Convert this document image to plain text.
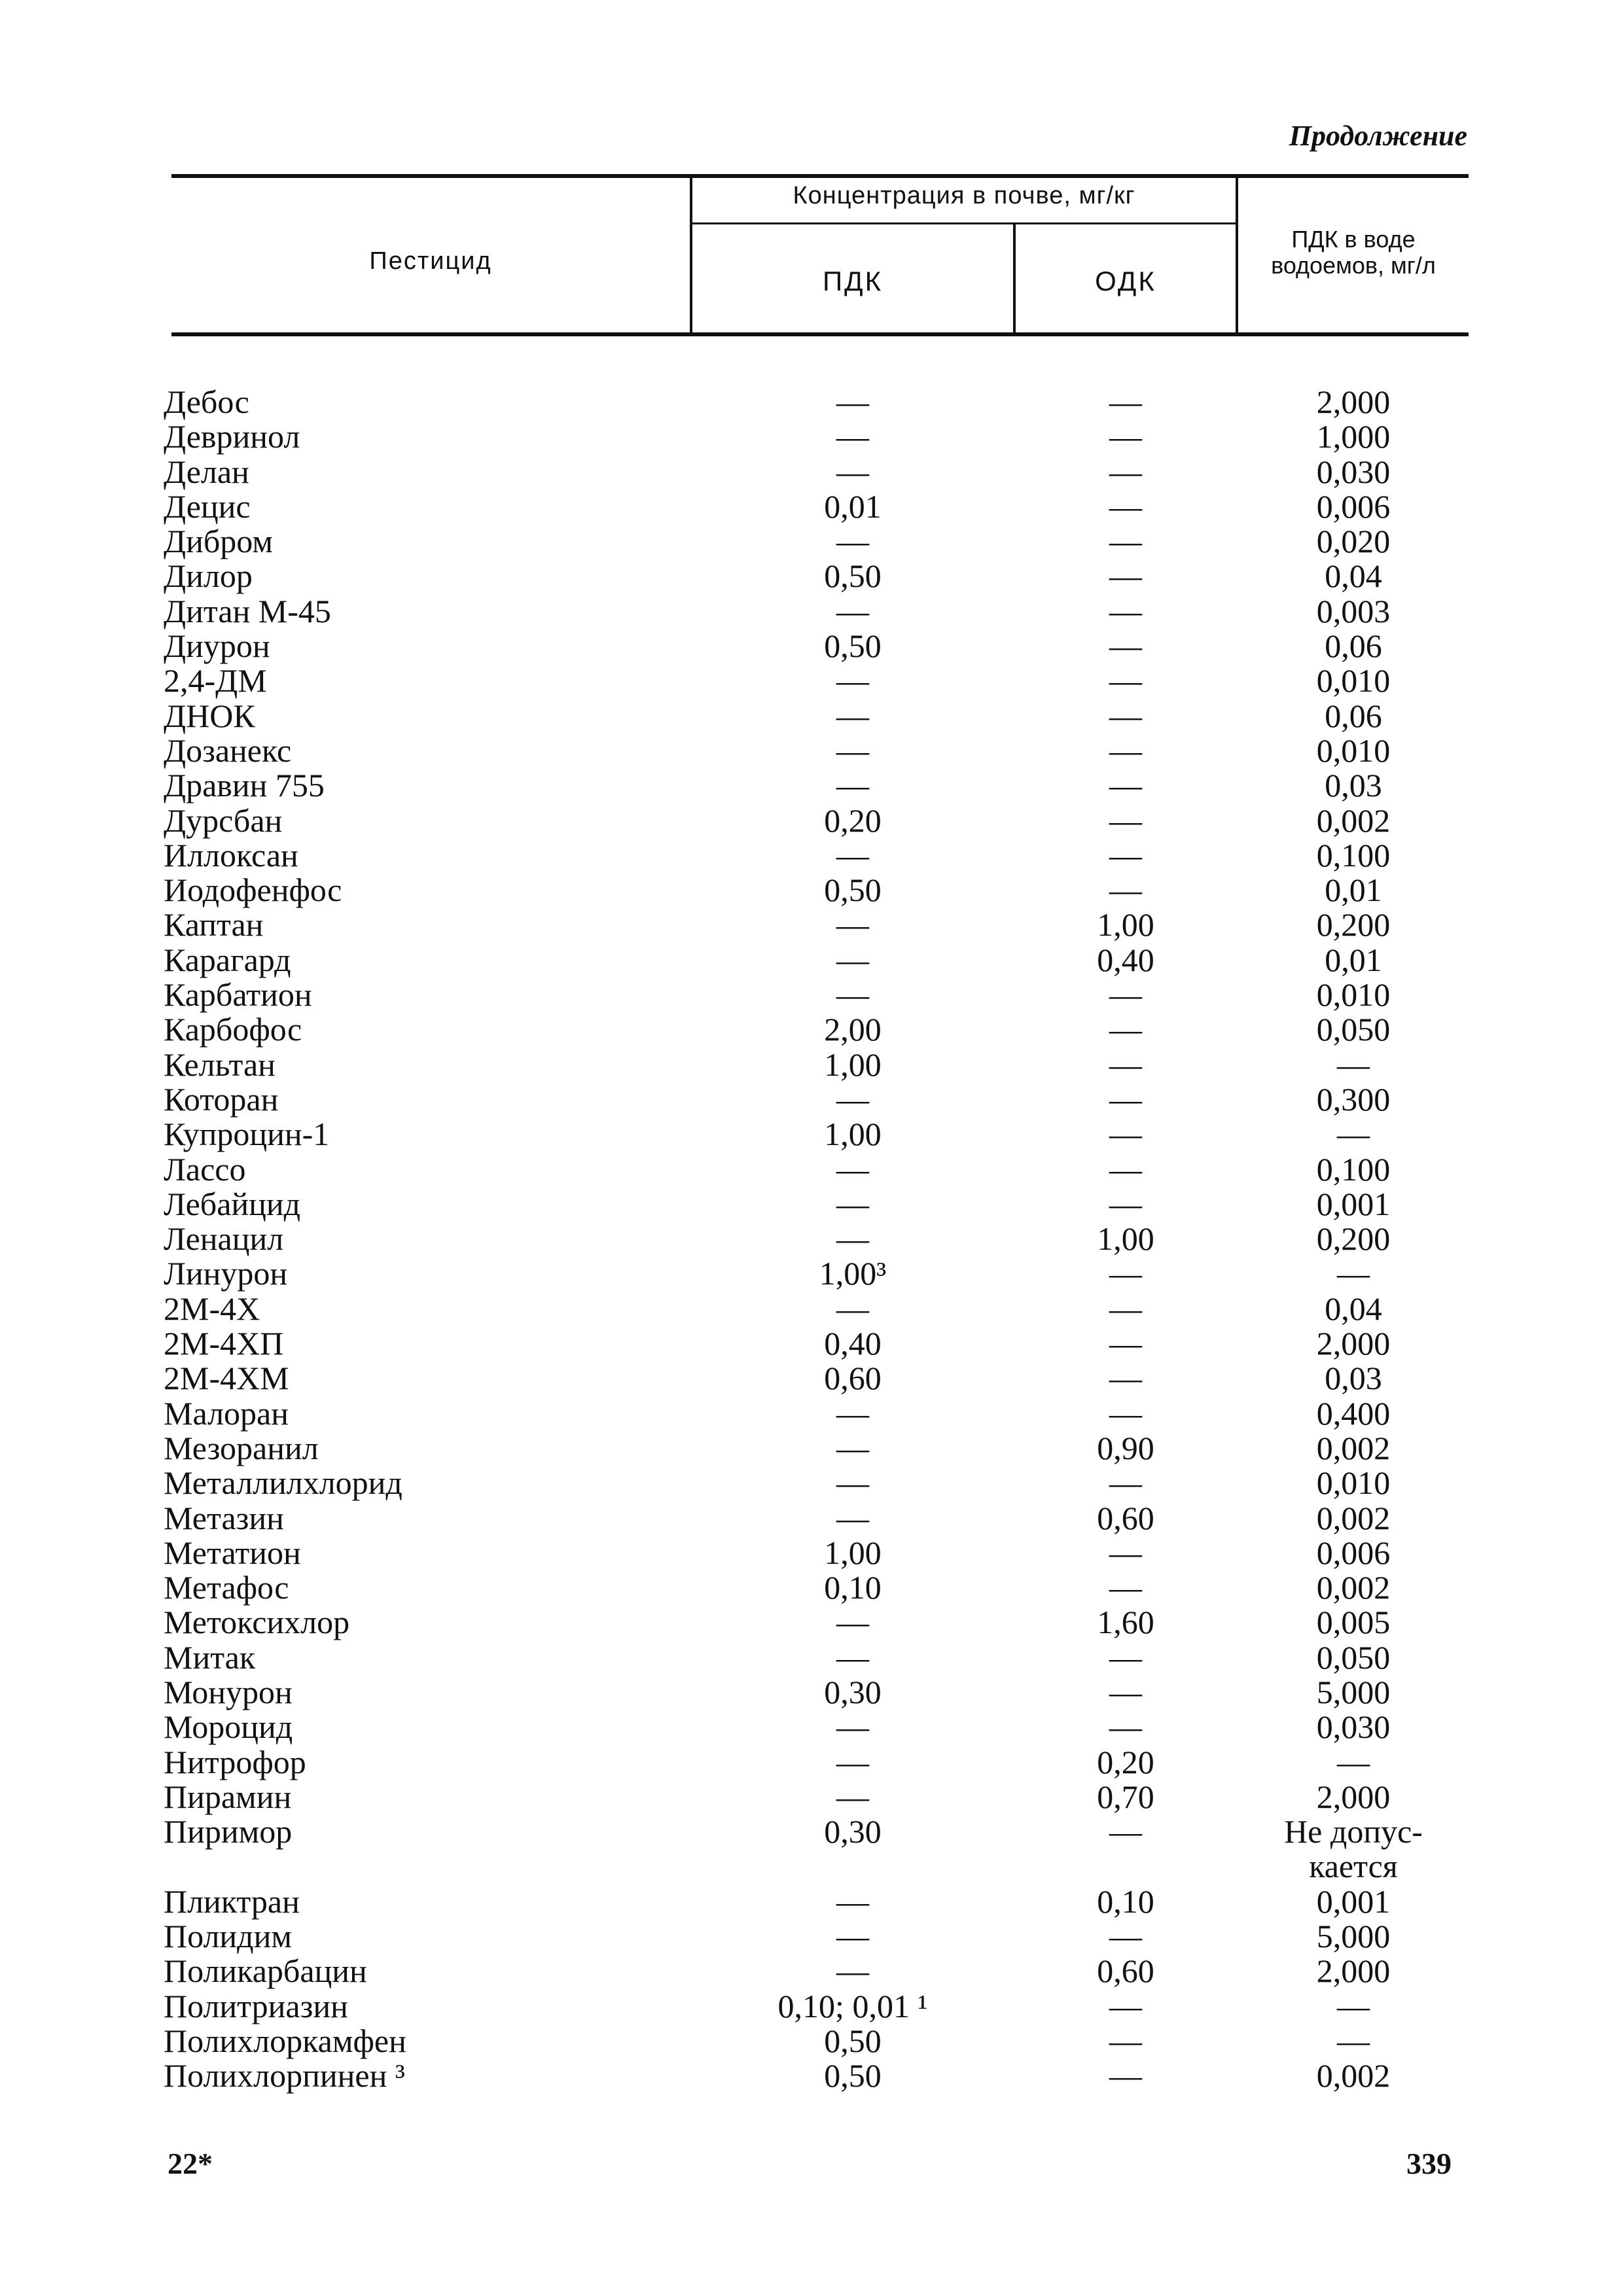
Продолжение
Пестицид
Концентрация в почве, мг/кг
ПДК	ОДК
ПДК в воде водоемов, мг/л
Дебос	—	—	2,000
Девринол	—	—	1,000
Делан	—	—	0,030
Децис	0,01	—	0,006
Дибром	—	—	0,020
Дилор	0,50	—	0,04
Дитан М-45	—	—	0,003
Диурон	0,50	—	0,06
2,4-ДМ	—	—	0,010
ДНОК	—	—	0,06
Дозанекс	—	—	0,010
Дравин 755	—	—	0,03
Дурсбан	0,20	—	0,002
Иллоксан	—	—	0,100
Иодофенфос	0,50	—	0,01
Каптан	—	1,00	0,200
Карагард	—	0,40	0,01
Карбатион	—	—	0,010
Карбофос	2,00	—	0,050
Кельтан	1,00	—	—
Которан	—	—	0,300
Купроцин-1	1,00	—	—
Лассо	—	—	0,100
Лебайцид	—	—	0,001
Ленацил	—	1,00	0,200
Линурон	1,00³	—	—
2М-4Х	—	—	0,04
2М-4ХП	0,40	—	2,000
2М-4ХМ	0,60	—	0,03
Малоран	—	—	0,400
Мезоранил	—	0,90	0,002
Металлилхлорид	—	—	0,010
Метазин	—	0,60	0,002
Метатион	1,00	—	0,006
Метафос	0,10	—	0,002
Метоксихлор	—	1,60	0,005
Митак	—	—	0,050
Монурон	0,30	—	5,000
Мороцид	—	—	0,030
Нитрофор	—	0,20	—
Пирамин	—	0,70	2,000
Пиримор	0,30	—	Не допус-
кается
Пликтран	—	0,10	0,001
Полидим	—	—	5,000
Поликарбацин	—	0,60	2,000
Политриазин	0,10; 0,01 ¹	—	—
Полихлоркамфен	0,50	—	—
Полихлорпинен ³	0,50	—	0,002
22*	339
